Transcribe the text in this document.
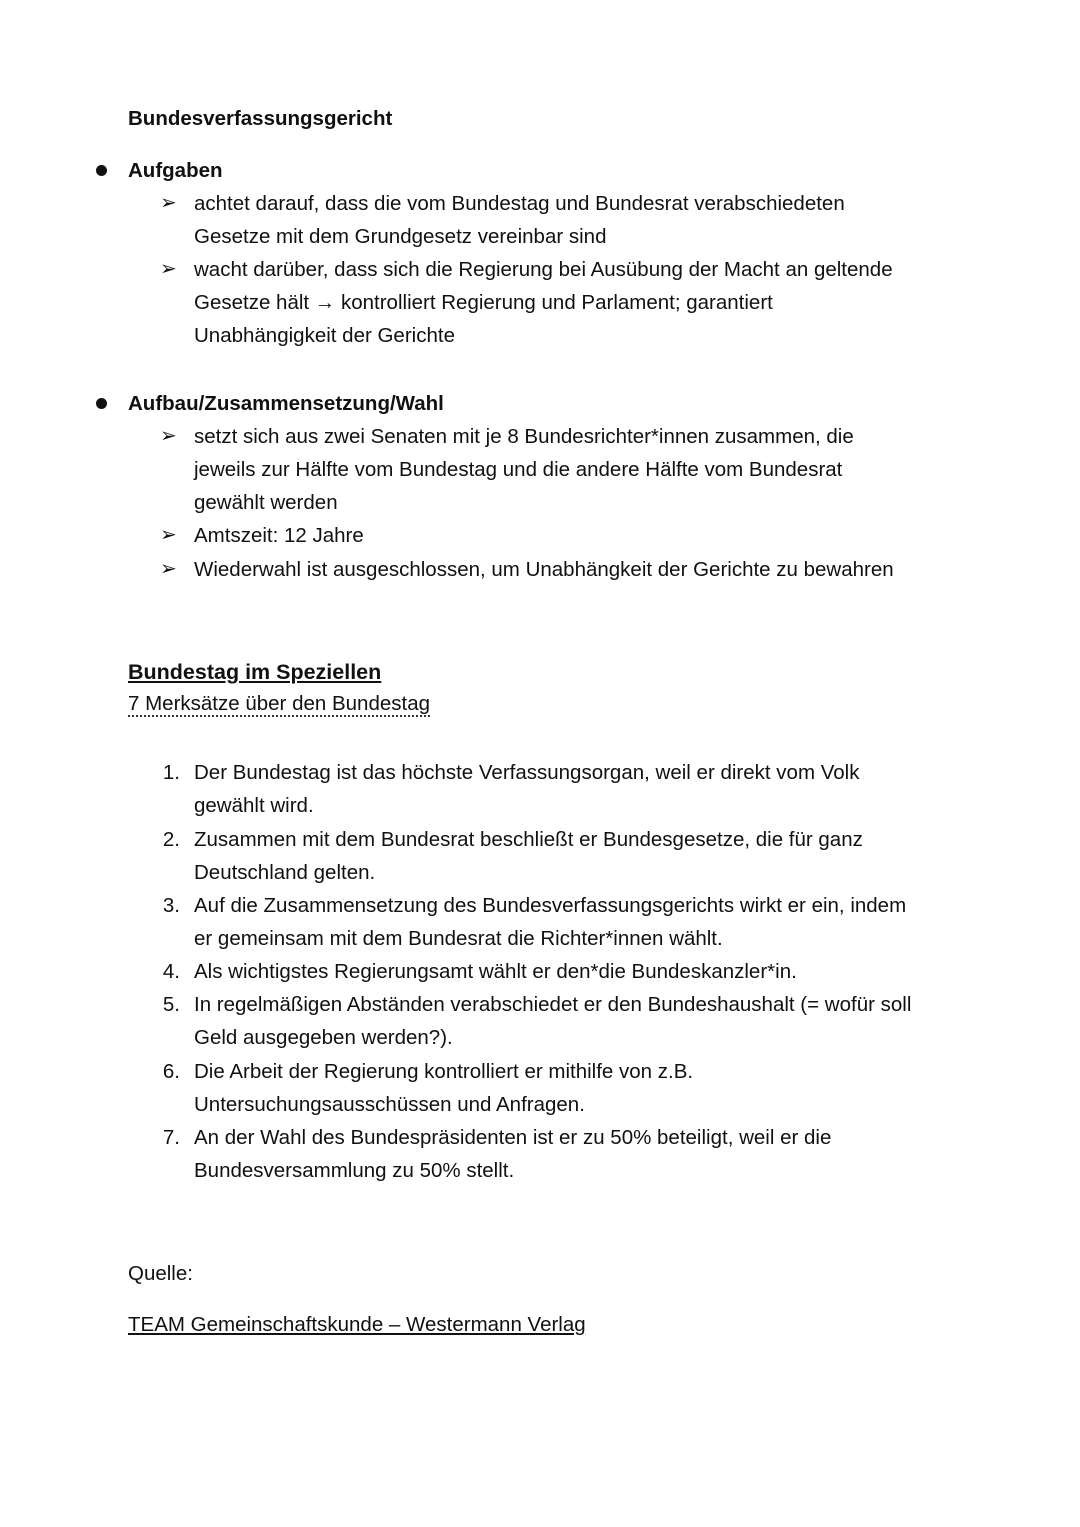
Bundesverfassungsgericht
Aufgaben
➢ achtet darauf, dass die vom Bundestag und Bundesrat verabschiedeten
Gesetze mit dem Grundgesetz vereinbar sind
➢ wacht darüber, dass sich die Regierung bei Ausübung der Macht an geltende
Gesetze hält → kontrolliert Regierung und Parlament; garantiert
Unabhängigkeit der Gerichte
Aufbau/Zusammensetzung/Wahl
➢ setzt sich aus zwei Senaten mit je 8 Bundesrichter*innen zusammen, die
jeweils zur Hälfte vom Bundestag und die andere Hälfte vom Bundesrat
gewählt werden
➢ Amtszeit: 12 Jahre
➢ Wiederwahl ist ausgeschlossen, um Unabhängkeit der Gerichte zu bewahren
Bundestag im Speziellen
7 Merksätze über den Bundestag
1. Der Bundestag ist das höchste Verfassungsorgan, weil er direkt vom Volk
gewählt wird.
2. Zusammen mit dem Bundesrat beschließt er Bundesgesetze, die für ganz
Deutschland gelten.
3. Auf die Zusammensetzung des Bundesverfassungsgerichts wirkt er ein, indem
er gemeinsam mit dem Bundesrat die Richter*innen wählt.
4. Als wichtigstes Regierungsamt wählt er den*die Bundeskanzler*in.
5. In regelmäßigen Abständen verabschiedet er den Bundeshaushalt (= wofür soll
Geld ausgegeben werden?).
6. Die Arbeit der Regierung kontrolliert er mithilfe von z.B.
Untersuchungsausschüssen und Anfragen.
7. An der Wahl des Bundespräsidenten ist er zu 50% beteiligt, weil er die
Bundesversammlung zu 50% stellt.
Quelle:
TEAM Gemeinschaftskunde – Westermann Verlag
